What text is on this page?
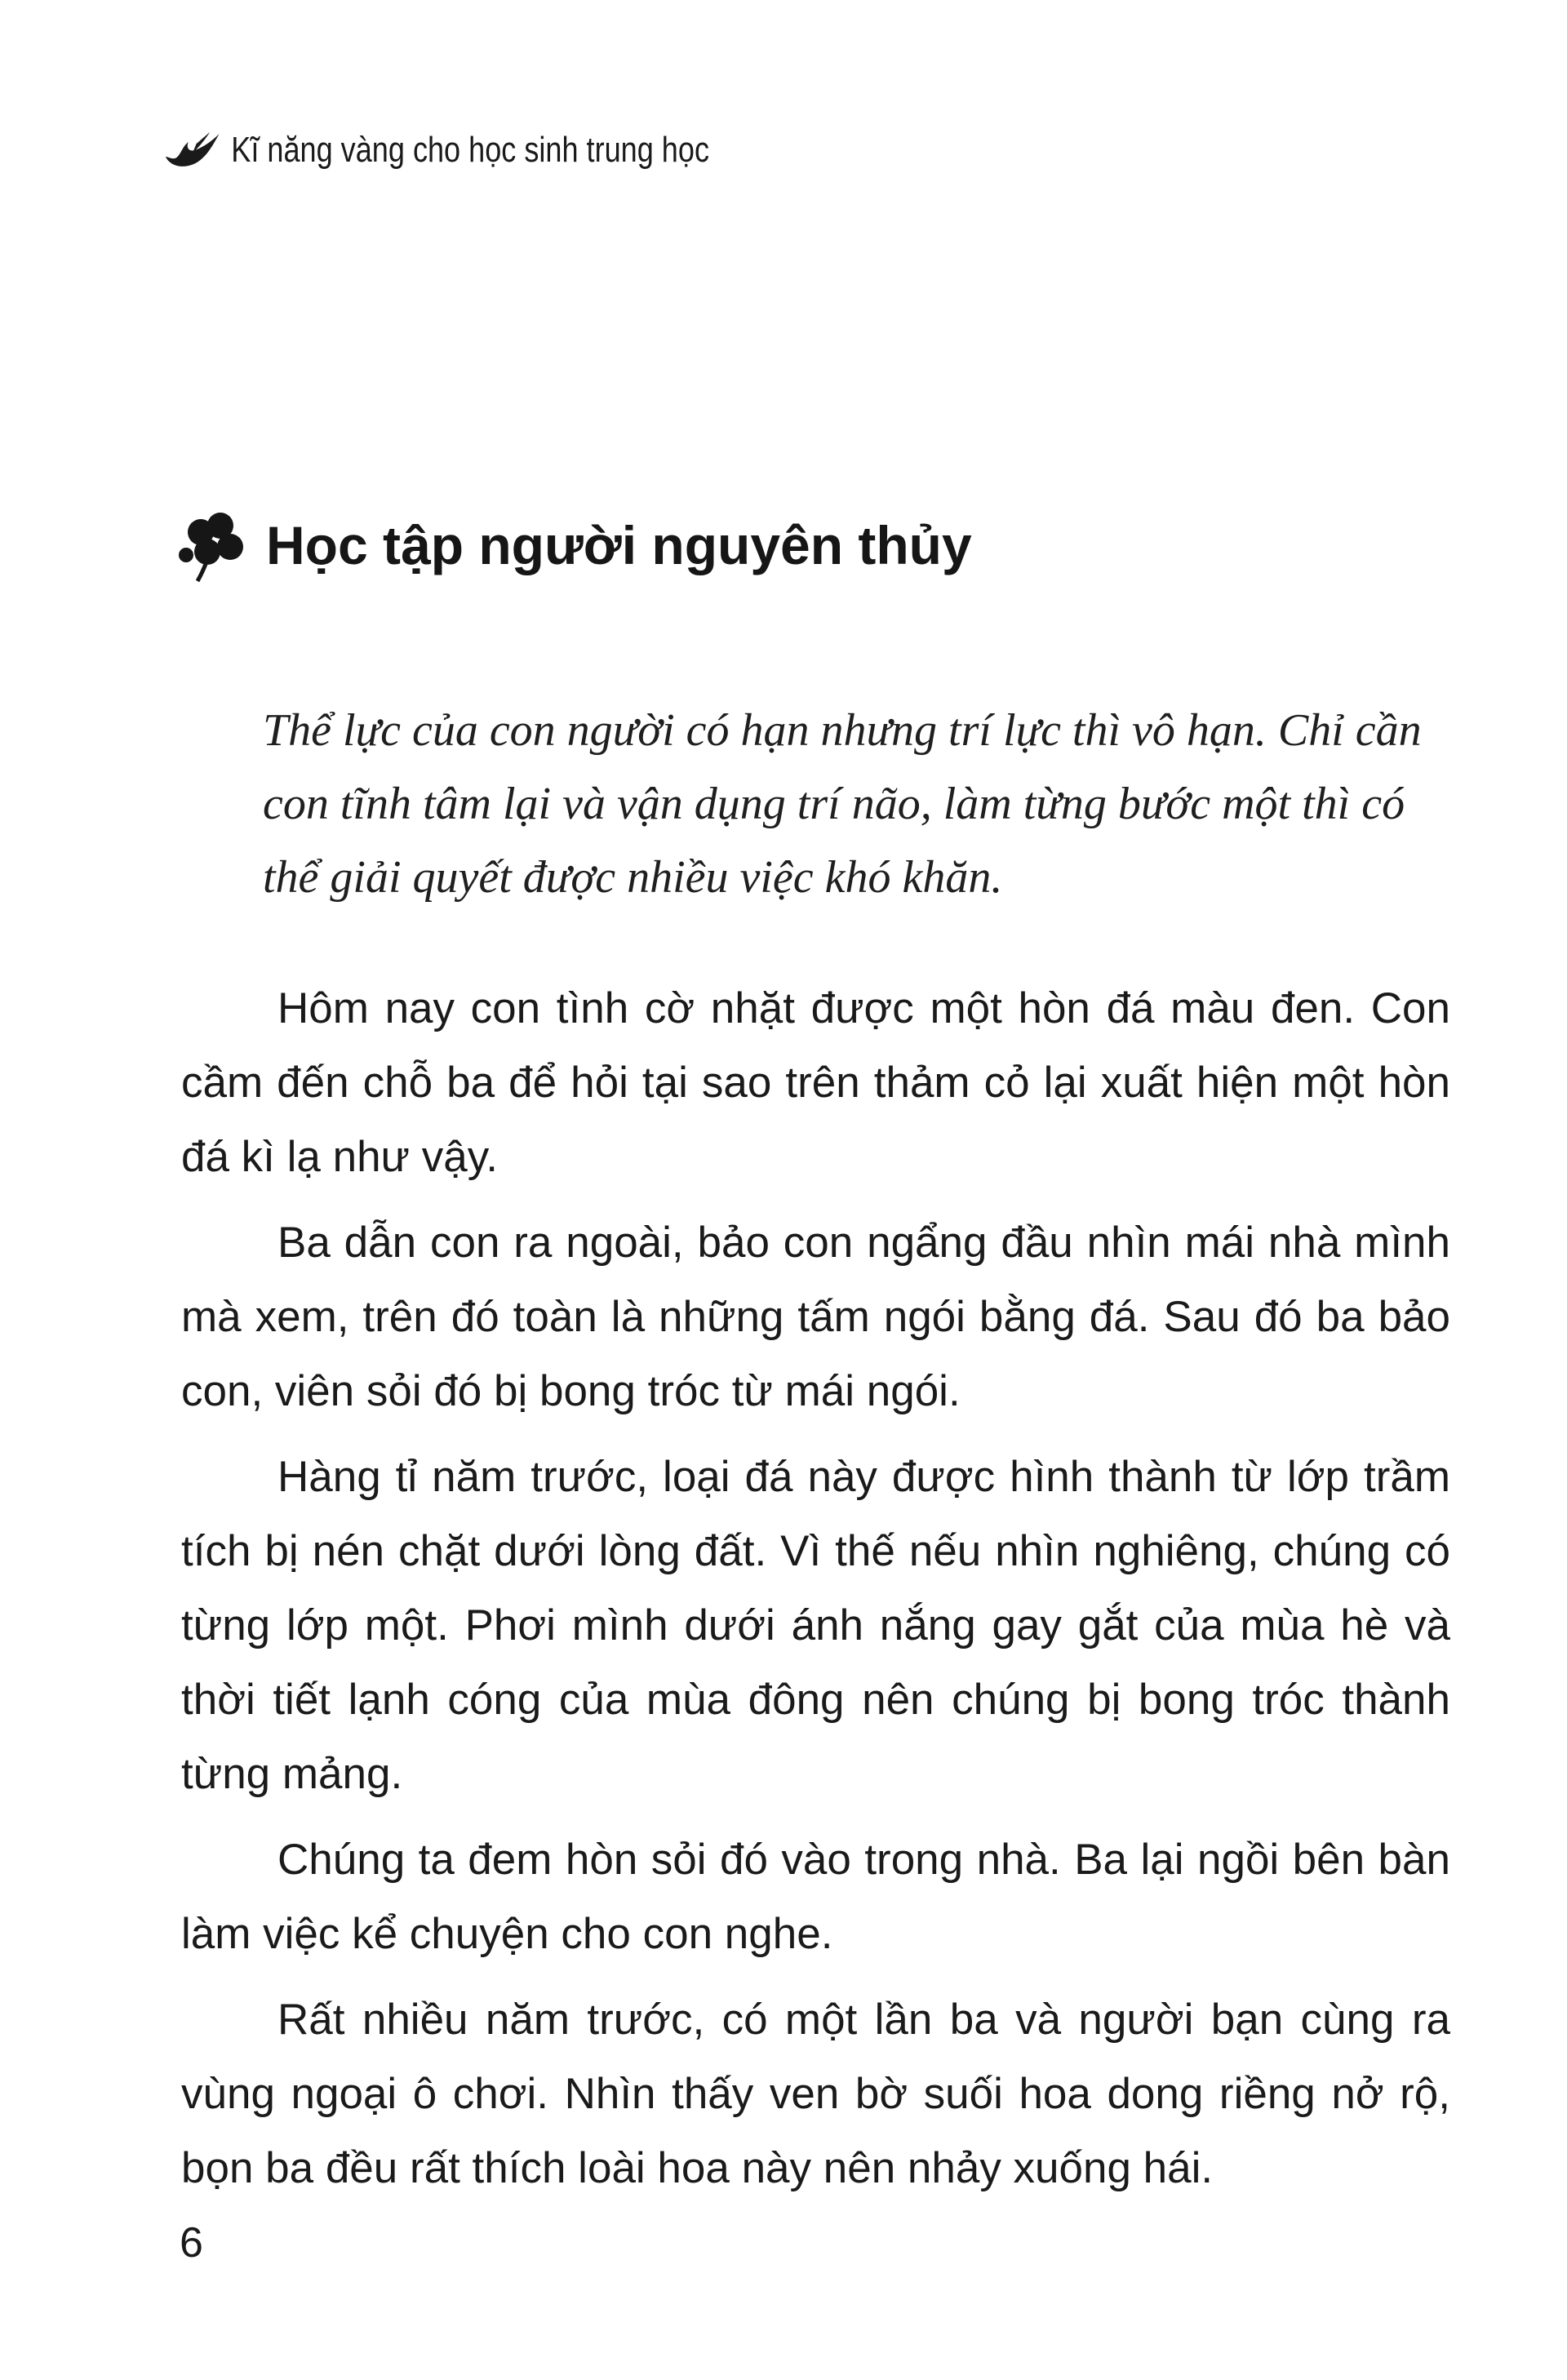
Kĩ năng vàng cho học sinh trung học
Học tập người nguyên thủy
Thể lực của con người có hạn nhưng trí lực thì vô hạn. Chỉ cần con tĩnh tâm lại và vận dụng trí não, làm từng bước một thì có thể giải quyết được nhiều việc khó khăn.

Hôm nay con tình cờ nhặt được một hòn đá màu đen. Con cầm đến chỗ ba để hỏi tại sao trên thảm cỏ lại xuất hiện một hòn đá kì lạ như vậy.

Ba dẫn con ra ngoài, bảo con ngẩng đầu nhìn mái nhà mình mà xem, trên đó toàn là những tấm ngói bằng đá. Sau đó ba bảo con, viên sỏi đó bị bong tróc từ mái ngói.

Hàng tỉ năm trước, loại đá này được hình thành từ lớp trầm tích bị nén chặt dưới lòng đất. Vì thế nếu nhìn nghiêng, chúng có từng lớp một. Phơi mình dưới ánh nắng gay gắt của mùa hè và thời tiết lạnh cóng của mùa đông nên chúng bị bong tróc thành từng mảng.

Chúng ta đem hòn sỏi đó vào trong nhà. Ba lại ngồi bên bàn làm việc kể chuyện cho con nghe.

Rất nhiều năm trước, có một lần ba và người bạn cùng ra vùng ngoại ô chơi. Nhìn thấy ven bờ suối hoa dong riềng nở rộ, bọn ba đều rất thích loài hoa này nên nhảy xuống hái.

6
